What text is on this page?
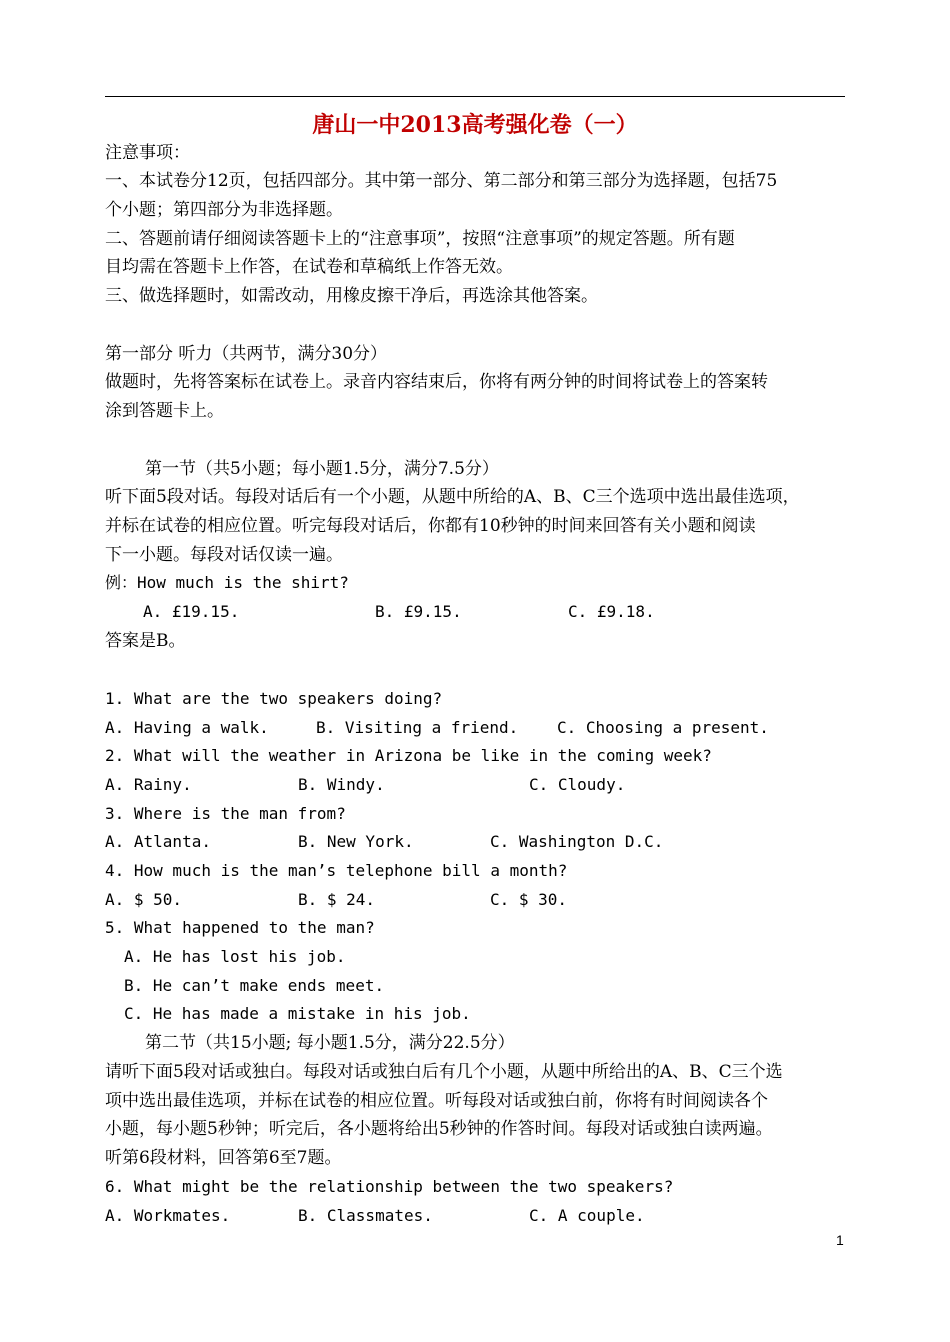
唐山一中2013高考强化卷（一）
注意事项：
一、本试卷分12页，包括四部分。其中第一部分、第二部分和第三部分为选择题，包括75
个小题；第四部分为非选择题。
二、答题前请仔细阅读答题卡上的“注意事项”，按照“注意事项”的规定答题。所有题
目均需在答题卡上作答，在试卷和草稿纸上作答无效。
三、做选择题时，如需改动，用橡皮擦干净后，再选涂其他答案。
第一部分 听力（共两节，满分30分）
做题时，先将答案标在试卷上。录音内容结束后，你将有两分钟的时间将试卷上的答案转
涂到答题卡上。
第一节（共5小题；每小题1.5分，满分7.5分）
听下面5段对话。每段对话后有一个小题，从题中所给的A、B、C三个选项中选出最佳选项，
并标在试卷的相应位置。听完每段对话后，你都有10秒钟的时间来回答有关小题和阅读
下一小题。每段对话仅读一遍。
例：How much is the shirt?
A. £19.15.	B. £9.15.	C. £9.18.
答案是B。
1. What are the two speakers doing?
A. Having a walk.	B. Visiting a friend. C. Choosing a present.
2. What will the weather in Arizona be like in the coming week?
A. Rainy.	B. Windy.	C. Cloudy.
3. Where is the man from?
A. Atlanta.	B. New York.	C. Washington D.C.
4. How much is the man’s telephone bill a month?
A. $ 50.	B. $ 24.	C. $ 30.
5. What happened to the man?
A. He has lost his job.
B. He can’t make ends meet.
C. He has made a mistake in his job.
第二节（共15小题; 每小题1.5分，满分22.5分）
请听下面5段对话或独白。每段对话或独白后有几个小题，从题中所给出的A、B、C三个选
项中选出最佳选项，并标在试卷的相应位置。听每段对话或独白前，你将有时间阅读各个
小题，每小题5秒钟；听完后，各小题将给出5秒钟的作答时间。每段对话或独白读两遍。
听第6段材料，回答第6至7题。
6. What might be the relationship between the two speakers?
A. Workmates.	B. Classmates.	C. A couple.
1
